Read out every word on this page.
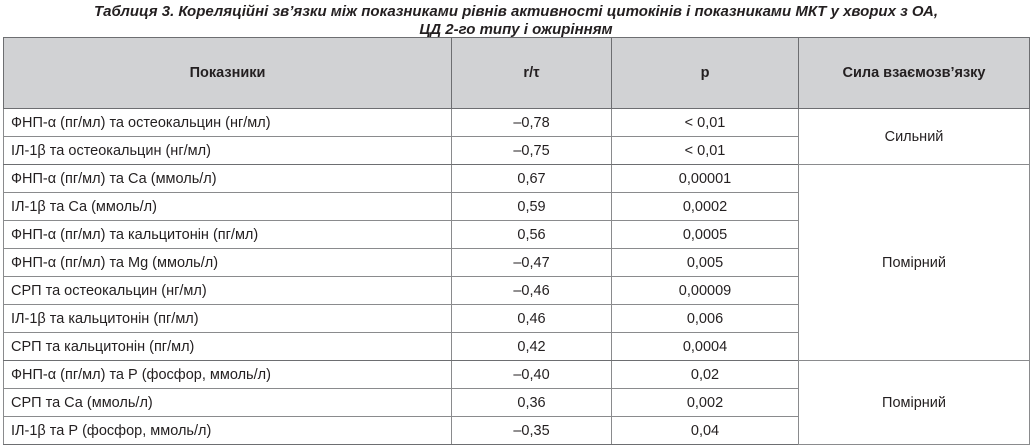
Таблиця 3. Кореляційні зв’язки між показниками рівнів активності цитокінів і показниками МКТ у хворих з ОА,
ЦД 2-го типу і ожирінням
Показники	r/τ	p	Сила взаємозв’язку
ФНП-α (пг/мл) та остеокальцин (нг/мл)	–0,78	< 0,01	Сильний
ІЛ-1β та остеокальцин (нг/мл)	–0,75	< 0,01	
ФНП-α (пг/мл) та Са (ммоль/л)	0,67	0,00001	Помірний
ІЛ-1β та Са (ммоль/л)	0,59	0,0002	
ФНП-α (пг/мл) та кальцитонін (пг/мл)	0,56	0,0005	
ФНП-α (пг/мл) та Mg (ммоль/л)	–0,47	0,005	
СРП та остеокальцин (нг/мл)	–0,46	0,00009	
ІЛ-1β та кальцитонін (пг/мл)	0,46	0,006	
СРП та кальцитонін (пг/мл)	0,42	0,0004	
ФНП-α (пг/мл) та Р (фосфор, ммоль/л)	–0,40	0,02	Помірний
СРП та Са (ммоль/л)	0,36	0,002	
ІЛ-1β та Р (фосфор, ммоль/л)	–0,35	0,04	
